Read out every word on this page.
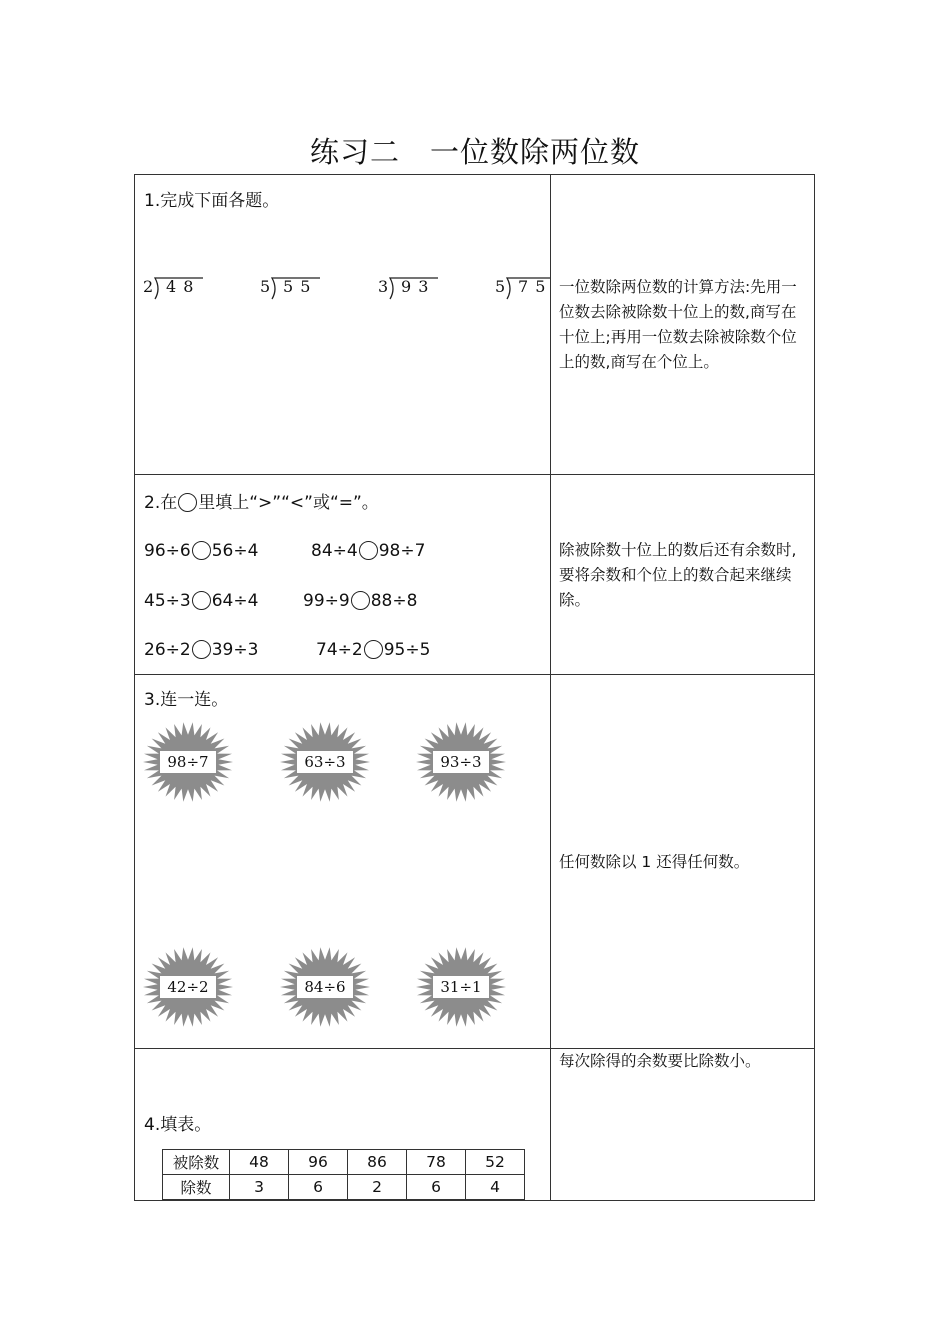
练习二 一位数除两位数
1.完成下面各题。
2 4 8	5 5 5	3 9 3	5 7 5 一位数除两位数的计算方法:先用一位数去除被除数十位上的数,商写在十位上;再用一位数去除被除数个位上的数,商写在个位上。
2.在 里填上“>”“<”或“=”。
96÷6 56÷4	84÷4 98÷7
45÷3 64÷4	99÷9 88÷8
26÷2 39÷3	74÷2 95÷5
除被除数十位上的数后还有余数时,要将余数和个位上的数合起来继续除。
3.连一连。
98÷7	63÷3	93÷3
42÷2	84÷6	31÷1
任何数除以 1 还得任何数。
4.填表。
被除数	48	96	86	78	52
除数	3	6	2	6	4
每次除得的余数要比除数小。
